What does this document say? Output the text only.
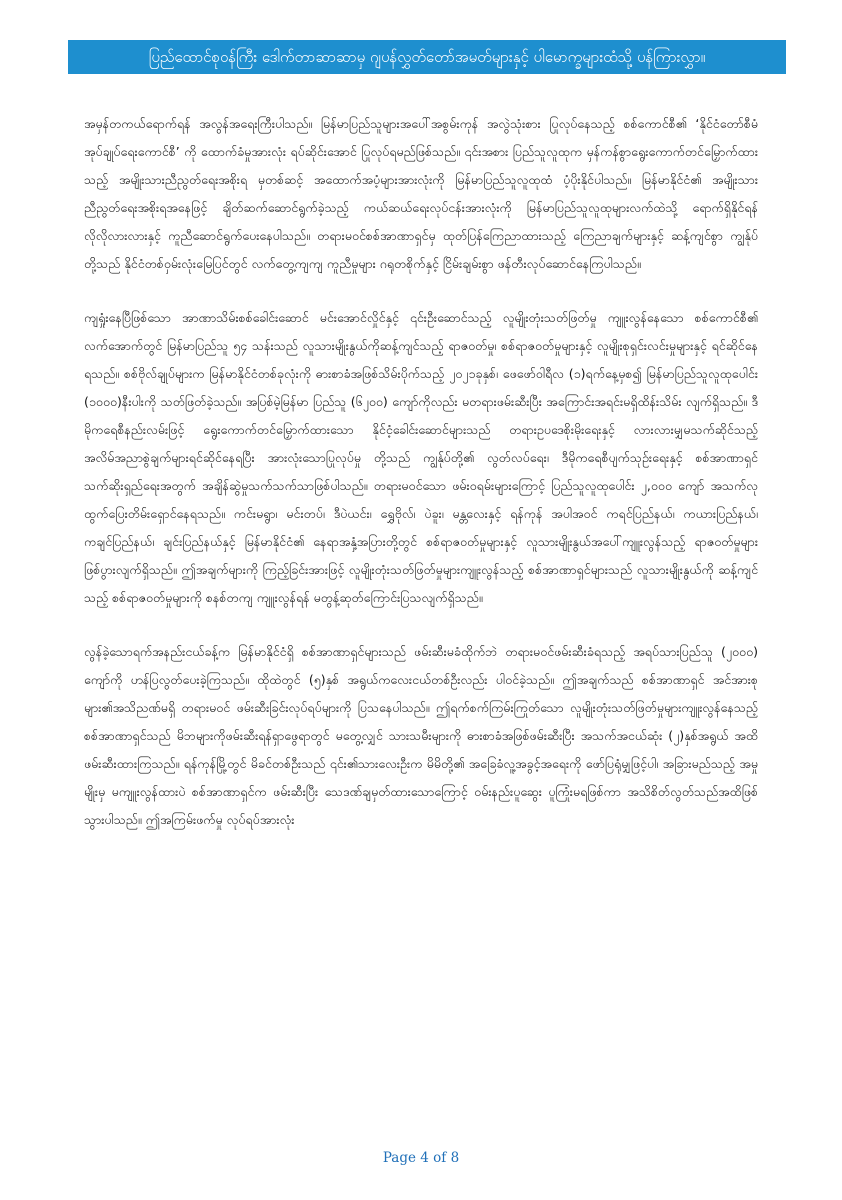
ပြည်ထောင်စုဝန်ကြီး ဒေါက်တာဆာဆာမှ ဂျပန်လွှတ်တော်အမတ်များနှင့် ပါမောက္ခများထံသို့ ပန်ကြားလွှာ။

အမှန်တကယ်ရောက်ရန် အလွန်အရေးကြီးပါသည်။ မြန်မာပြည်သူများအပေါ်အစွမ်းကုန် အလွဲသုံးစား ပြုလုပ်နေသည့် စစ်ကောင်စီ၏ ‘နိုင်ငံတော်စီမံအုပ်ချုပ်ရေးကောင်စီ’ ကို ထောက်ခံမှုအားလုံး ရပ်ဆိုင်းအောင် ပြုလုပ်ရမည်ဖြစ်သည်။ ၎င်းအစား ပြည်သူလူထုက မှန်ကန်စွာရွေးကောက်တင်မြှောက်ထားသည့် အမျိုးသားညီညွတ်ရေးအစိုးရ မှတစ်ဆင့် အထောက်အပံ့များအားလုံးကို မြန်မာပြည်သူလူထုထံ ပံ့ပိုးနိုင်ပါသည်။ မြန်မာနိုင်ငံ၏ အမျိုးသားညီညွတ်ရေးအစိုးရအနေဖြင့် ချိတ်ဆက်ဆောင်ရွက်ခဲ့သည့် ကယ်ဆယ်ရေးလုပ်ငန်းအားလုံးကို မြန်မာပြည်သူလူထုများလက်ထဲသို့ ရောက်ရှိနိုင်ရန် လိုလိုလားလားနှင့် ကူညီဆောင်ရွက်ပေးနေပါသည်။ တရားမဝင်စစ်အာဏာရှင်မှ ထုတ်ပြန်ကြေညာထားသည့် ကြေညာချက်များနှင့် ဆန့်ကျင်စွာ ကျွန်ုပ်တို့သည် နိုင်ငံတစ်ဝှမ်းလုံးမြေပြင်တွင် လက်တွေ့ကျကျ ကူညီမှုများ ဂရုတစိုက်နှင့် ငြိမ်းချမ်းစွာ ဖန်တီးလုပ်ဆောင်နေကြပါသည်။

ကျရှုံးနေပြီဖြစ်သော အာဏာသိမ်းစစ်ခေါင်းဆောင် မင်းအောင်လှိုင်နှင့် ၎င်းဦးဆောင်သည့် လူမျိုးတုံးသတ်ဖြတ်မှု ကျူးလွန်နေသော စစ်ကောင်စီ၏ လက်အောက်တွင် မြန်မာပြည်သူ ၅၄ သန်းသည် လူသားမျိုးနွယ်ကိုဆန့်ကျင်သည့် ရာဇဝတ်မှု၊ စစ်ရာဇဝတ်မှုများနှင့် လူမျိုးစုရှင်းလင်းမှုများနှင့် ရင်ဆိုင်နေရသည်။ စစ်ဗိုလ်ချုပ်များက မြန်မာနိုင်ငံတစ်ခုလုံးကို ဓားစာခံအဖြစ်သိမ်းပိုက်သည့် ၂၀၂၁ခုနှစ်၊ ဖေဖော်ဝါရီလ (၁)ရက်နေ့မှစ၍ မြန်မာပြည်သူလူထုပေါင်း (၁၀၀၀)နီးပါးကို သတ်ဖြတ်ခဲ့သည်။ အပြစ်မဲ့မြန်မာ ပြည်သူ (၆၂၀၀) ကျော်ကိုလည်း မတရားဖမ်းဆီးပြီး အကြောင်းအရင်းမရှိထိန်းသိမ်း လျက်ရှိသည်။ ဒီမိုကရေစီနည်းလမ်းဖြင့် ရွေးကောက်တင်မြှောက်ထားသော နိုင်ငံ့ခေါင်းဆောင်များသည် တရားဥပဒေစိုးမိုးရေးနှင့် လားလားမျှမသက်ဆိုင်သည့် အလိမ်အညာစွဲချက်များရင်ဆိုင်နေရပြီး အားလုံးသောပြုလုပ်မှု တို့သည် ကျွန်ုပ်တို့၏ လွတ်လပ်ရေး၊ ဒီမိုကရေစီပျက်သုဉ်းရေးနှင့် စစ်အာဏာရှင်သက်ဆိုးရှည်ရေးအတွက် အချိန်ဆွဲမှုသက်သက်သာဖြစ်ပါသည်။ တရားမဝင်သော ဖမ်းဝရမ်းများကြောင့် ပြည်သူလူထုပေါင်း ၂,၀၀၀ ကျော် အသက်လု ထွက်ပြေးတိမ်းရှောင်နေရသည်။ ကင်းမရွာ၊ မင်းတပ်၊ ဒီပဲယင်း၊ ရွှေဗိုလ်၊ ပဲခူး၊ မန္တလေးနှင့် ရန်ကုန် အပါအဝင် ကရင်ပြည်နယ်၊ ကယားပြည်နယ်၊ ကချင်ပြည်နယ်၊ ချင်းပြည်နယ်နှင့် မြန်မာနိုင်ငံ၏ နေရာအနှံ့အပြားတို့တွင် စစ်ရာဇဝတ်မှုများနှင့် လူသားမျိုးနွယ်အပေါ်ကျူးလွန်သည့် ရာဇဝတ်မှုများ ဖြစ်ပွားလျက်ရှိသည်။ ဤအချက်များကို ကြည့်ခြင်းအားဖြင့် လူမျိုးတုံးသတ်ဖြတ်မှုများကျူးလွန်သည့် စစ်အာဏာရှင်များသည် လူသားမျိုးနွယ်ကို ဆန့်ကျင်သည့် စစ်ရာဇဝတ်မှုများကို စနစ်တကျ ကျူးလွန်ရန် မတွန့်ဆုတ်ကြောင်းပြသလျက်ရှိသည်။

လွန်ခဲ့သောရက်အနည်းငယ်ခန့်က မြန်မာနိုင်ငံရှိ စစ်အာဏာရှင်များသည် ဖမ်းဆီးမခံထိုက်ဘဲ တရားမဝင်ဖမ်းဆီးခံရသည့် အရပ်သားပြည်သူ (၂၀၀၀) ကျော်ကို ဟန်ပြလွတ်ပေးခဲ့ကြသည်။ ထိုထဲတွင် (၅)နှစ် အရွယ်ကလေးငယ်တစ်ဦးလည်း ပါဝင်ခဲ့သည်။ ဤအချက်သည် စစ်အာဏာရှင် အင်အားစုများ၏အသိညဏ်မရှိ တရားမဝင် ဖမ်းဆီးခြင်းလုပ်ရပ်များကို ပြသနေပါသည်။ ဤရက်စက်ကြမ်းကြုတ်သော လူမျိုးတုံးသတ်ဖြတ်မှုများကျူးလွန်နေသည့် စစ်အာဏာရှင်သည် မိဘများကိုဖမ်းဆီးရန်ရှာဖွေရာတွင် မတွေ့လျှင် သားသမီးများကို ဓားစာခံအဖြစ်ဖမ်းဆီးပြီး အသက်အငယ်ဆုံး (၂)နှစ်အရွယ် အထိဖမ်းဆီးထားကြသည်။ ရန်ကုန်မြို့တွင် မိခင်တစ်ဦးသည် ၎င်း၏သားလေးဦးက မိမိတို့၏ အခြေခံလူ့အခွင့်အရေးကို ဖော်ပြရုံမျှဖြင့်ပါ၊ အခြားမည်သည့် အမှုမျိုးမှ မကျူးလွန်ထားပဲ စစ်အာဏာရှင်က ဖမ်းဆီးပြီး သေဒဏ်ချမှတ်ထားသောကြောင့် ဝမ်းနည်းပူဆွေး ပူကြုံးမရဖြစ်ကာ အသိစိတ်လွတ်သည်အထိဖြစ်သွားပါသည်။ ဤအကြမ်းဖက်မှု လုပ်ရပ်အားလုံး

Page 4 of 8
